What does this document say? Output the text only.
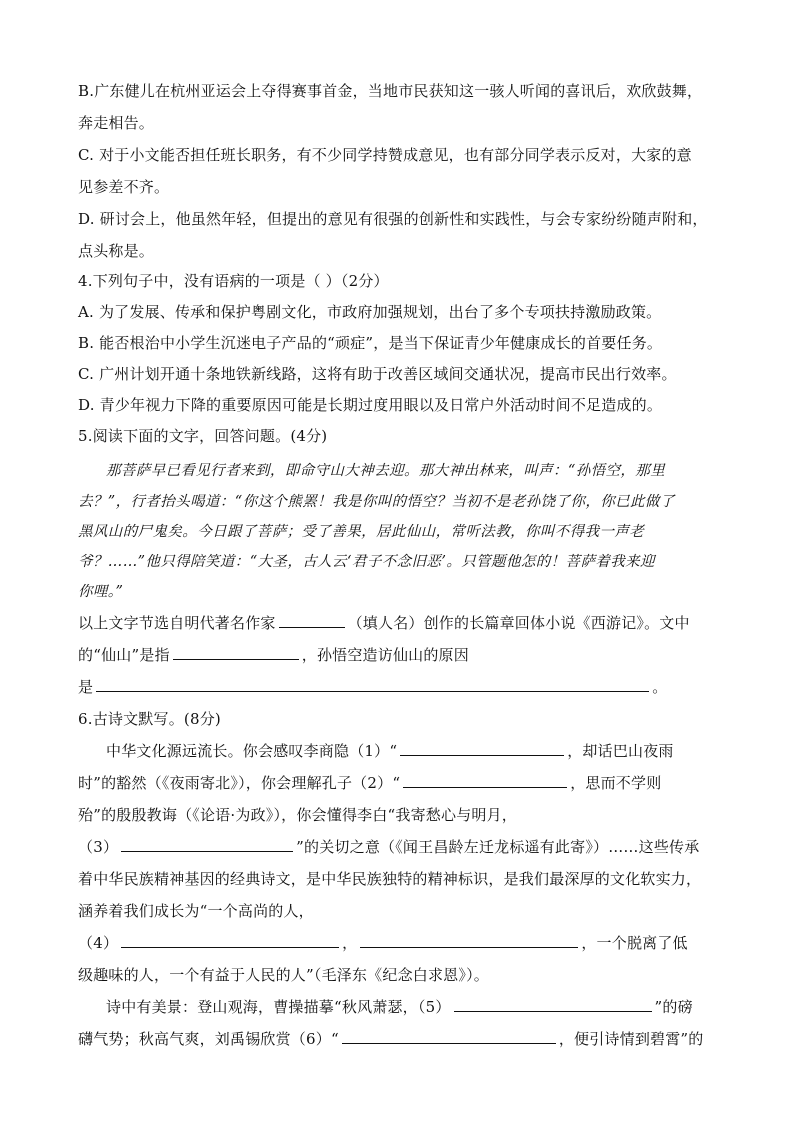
B.广东健儿在杭州亚运会上夺得赛事首金，当地市民获知这一骇人听闻的喜讯后，欢欣鼓舞，
奔走相告。
C. 对于小文能否担任班长职务，有不少同学持赞成意见，也有部分同学表示反对，大家的意
见参差不齐。
D. 研讨会上，他虽然年轻，但提出的意见有很强的创新性和实践性，与会专家纷纷随声附和，
点头称是。
4.下列句子中，没有语病的一项是（ ）（2分）
A. 为了发展、传承和保护粤剧文化，市政府加强规划，出台了多个专项扶持激励政策。
B. 能否根治中小学生沉迷电子产品的“顽症”，是当下保证青少年健康成长的首要任务。
C. 广州计划开通十条地铁新线路，这将有助于改善区域间交通状况，提高市民出行效率。
D. 青少年视力下降的重要原因可能是长期过度用眼以及日常户外活动时间不足造成的。
5.阅读下面的文字，回答问题。(4分)
那菩萨早已看见行者来到，即命守山大神去迎。那大神出林来，叫声：“孙悟空，那里
去？”，行者抬头喝道：“你这个熊罴！我是你叫的悟空？当初不是老孙饶了你，你已此做了
黑风山的尸鬼矣。今日跟了菩萨；受了善果，居此仙山，常听法教，你叫不得我一声老
爷？……”他只得陪笑道：“大圣，古人云‘君子不念旧恶’。只管题他怎的！菩萨着我来迎
你哩。”
以上文字节选自明代著名作家	（填人名）创作的长篇章回体小说《西游记》。文中
的“仙山”是指	，孙悟空造访仙山的原因
是	。
6.古诗文默写。(8分)
中华文化源远流长。你会感叹李商隐（1）“	，却话巴山夜雨
时”的豁然（《夜雨寄北》），你会理解孔子（2）“	，思而不学则
殆”的殷殷教诲（《论语·为政》），你会懂得李白“我寄愁心与明月，
（3）	”的关切之意（《闻王昌龄左迁龙标遥有此寄》）……这些传承
着中华民族精神基因的经典诗文，是中华民族独特的精神标识，是我们最深厚的文化软实力，
涵养着我们成长为“一个高尚的人，
（4）	，	，一个脱离了低
级趣味的人，一个有益于人民的人”（毛泽东《纪念白求恩》）。
诗中有美景：登山观海，曹操描摹“秋风萧瑟，（5）	”的磅
礴气势；秋高气爽，刘禹锡欣赏（6）“	，便引诗情到碧霄”的
